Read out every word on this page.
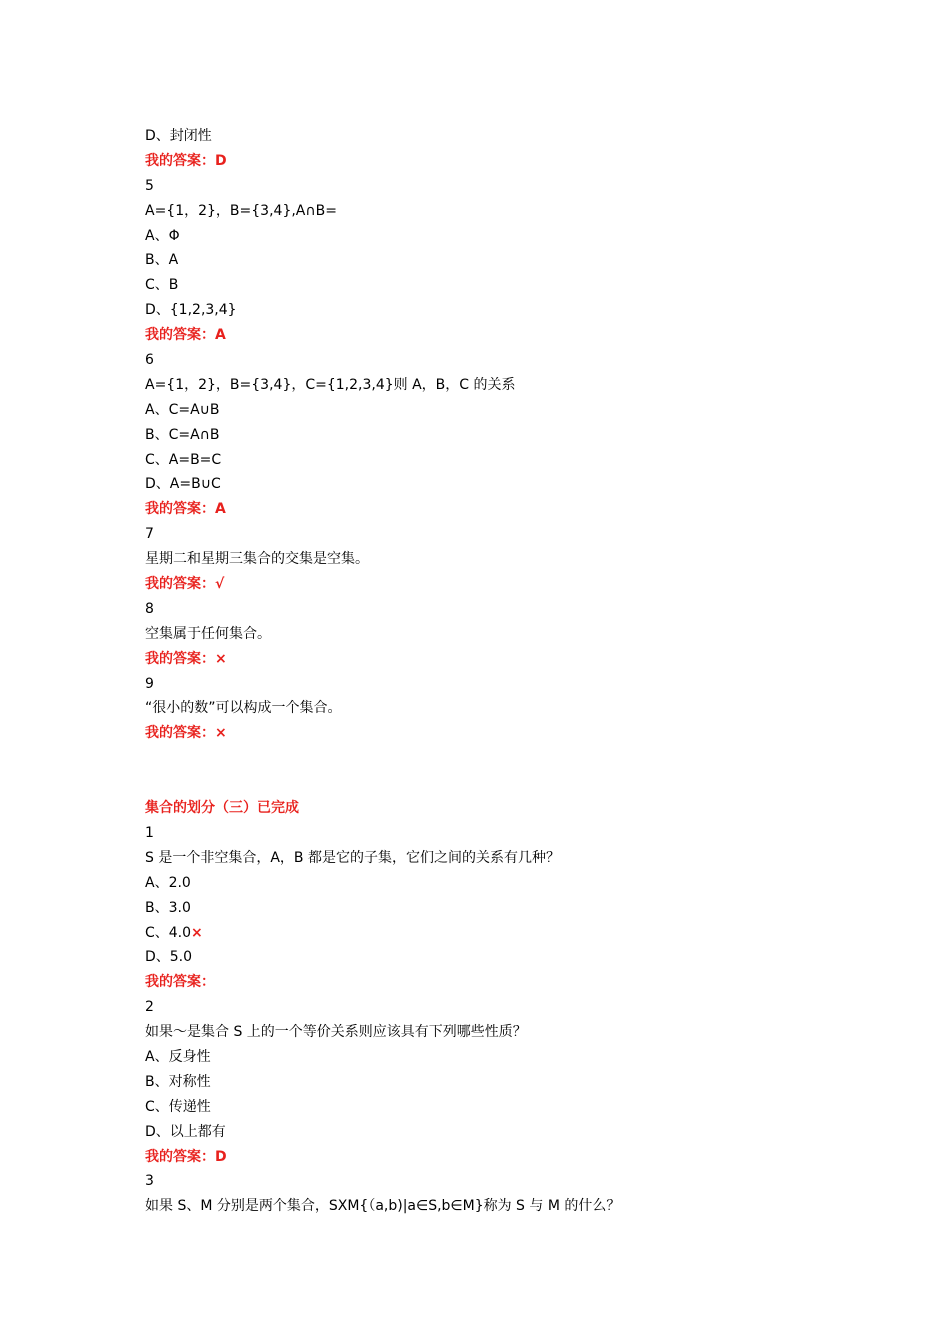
D、封闭性
我的答案：D
5
A={1，2}，B={3,4},A∩B=
A、Φ
B、A
C、B
D、{1,2,3,4}
我的答案：A
6
A={1，2}，B={3,4}，C={1,2,3,4}则 A，B，C 的关系
A、C=A∪B
B、C=A∩B
C、A=B=C
D、A=B∪C
我的答案：A
7
星期二和星期三集合的交集是空集。
我的答案：√
8
空集属于任何集合。
我的答案：×
9
“很小的数”可以构成一个集合。
我的答案：×
集合的划分（三）已完成
1
S 是一个非空集合，A，B 都是它的子集，它们之间的关系有几种？
A、2.0
B、3.0
C、4.0×
D、5.0
我的答案：
2
如果～是集合 S 上的一个等价关系则应该具有下列哪些性质？
A、反身性
B、对称性
C、传递性
D、以上都有
我的答案：D
3
如果 S、M 分别是两个集合，SXM{（a,b)|a∈S,b∈M}称为 S 与 M 的什么？
